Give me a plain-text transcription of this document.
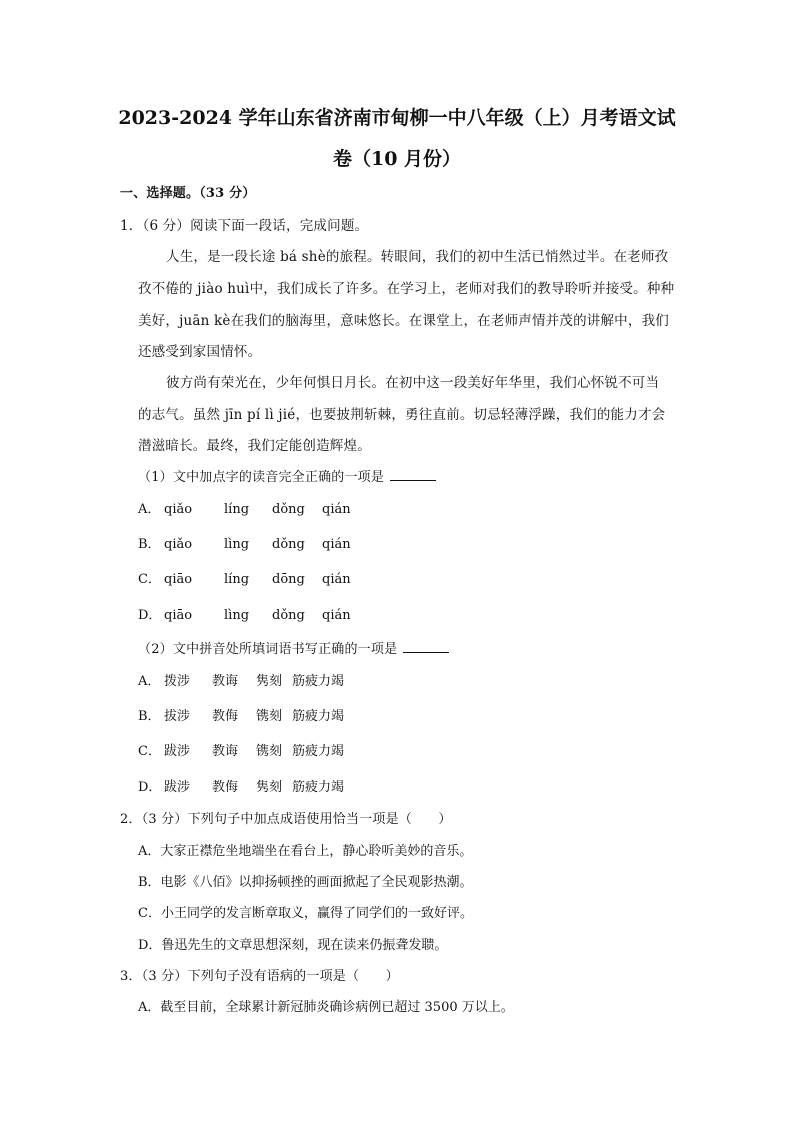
2023-2024 学年山东省济南市甸柳一中八年级（上）月考语文试
卷（10 月份）
一、选择题。（33 分）
1．（6 分）阅读下面一段话，完成问题。
人生，是一段长途 bá shè的旅程。转眼间，我们的初中生活已悄然过半。在老师孜
孜不倦的 jiào huì中，我们成长了许多。在学习上，老师对我们的教导聆听并接受。种种
美好，juān kè在我们的脑海里，意味悠长。在课堂上，在老师声情并茂的讲解中，我们
还感受到家国情怀。
彼方尚有荣光在，少年何惧日月长。在初中这一段美好年华里，我们心怀锐不可当
的志气。虽然 jīn pí lì jié，也要披荆斩棘，勇往直前。切忌轻薄浮躁，我们的能力才会
潜滋暗长。最终，我们定能创造辉煌。
（1）文中加点字的读音完全正确的一项是
A． qiǎo líng dǒng qián
B． qiǎo lìng dǒng qián
C． qiāo líng dōng qián
D． qiāo lìng dǒng qián
（2）文中拼音处所填词语书写正确的一项是
A． 拨涉 教诲 隽刻 筋疲力竭
B． 拔涉 教侮 镌刻 筋疲力竭
C． 跋涉 教诲 镌刻 筋疲力竭
D． 跋涉 教侮 隽刻 筋疲力竭
2．（3 分）下列句子中加点成语使用恰当一项是（　　）
A．大家正襟危坐地端坐在看台上，静心聆听美妙的音乐。
B．电影《八佰》以抑扬顿挫的画面掀起了全民观影热潮。
C．小王同学的发言断章取义，赢得了同学们的一致好评。
D．鲁迅先生的文章思想深刻，现在读来仍振聋发聩。
3．（3 分）下列句子没有语病的一项是（　　）
A．截至目前，全球累计新冠肺炎确诊病例已超过 3500 万以上。
